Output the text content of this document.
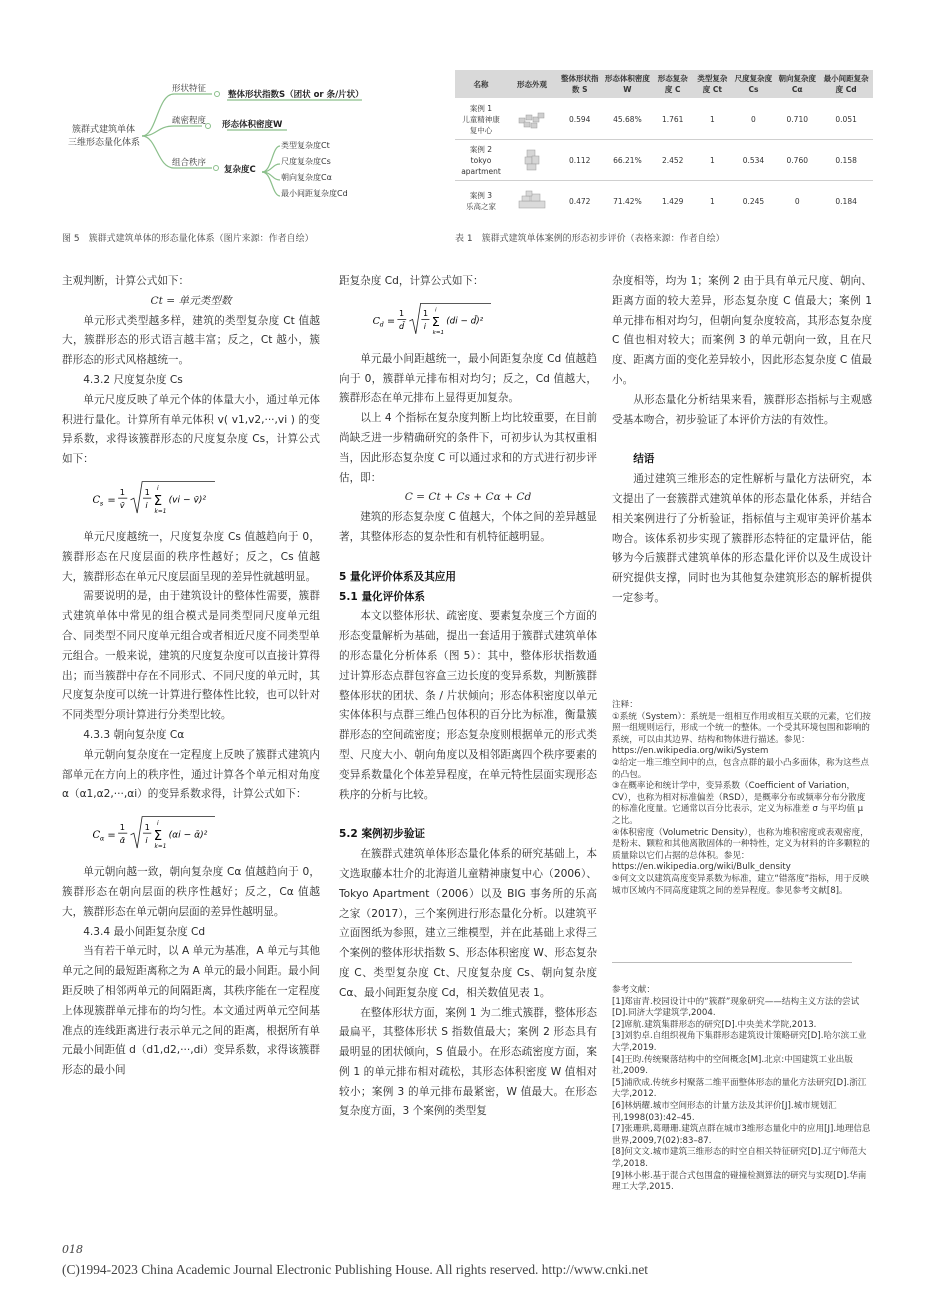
簇群式建筑单体
三维形态量化体系
形状特征
疏密程度
组合秩序
整体形状指数S（团状 or 条/片状）
形态体积密度W
复杂度C
类型复杂度Ct
尺度复杂度Cs
朝向复杂度Cα
最小间距复杂度Cd
图 5　簇群式建筑单体的形态量化体系（图片来源：作者自绘）
名称	形态外观	整体形状指数 S	形态体积密度 W	形态复杂度 C	类型复杂度 Ct	尺度复杂度 Cs	朝向复杂度 Cα	最小间距复杂度 Cd
案例 1
儿童精神康
复中心		0.594	45.68%	1.761	1	0	0.710	0.051
案例 2
tokyo
apartment		0.112	66.21%	2.452	1	0.534	0.760	0.158
案例 3
乐高之家		0.472	71.42%	1.429	1	0.245	0	0.184
表 1　簇群式建筑单体案例的形态初步评价（表格来源：作者自绘）

主观判断，计算公式如下：

Ct = 单元类型数

单元形式类型越多样，建筑的类型复杂度 Ct 值越大，簇群形态的形式语言越丰富；反之，Ct 越小，簇群形态的形式风格越统一。

4.3.2 尺度复杂度 Cs

单元尺度反映了单元个体的体量大小，通过单元体积进行量化。计算所有单元体积 v( v1,v2,···,vi ) 的变异系数，求得该簇群形态的尺度复杂度 Cs，计算公式如下：

C s =
1
v̄
1
i Σ
i
k=1
(vi − v̄)²

单元尺度越统一，尺度复杂度 Cs 值越趋向于 0，簇群形态在尺度层面的秩序性越好；反之，Cs 值越大，簇群形态在单元尺度层面呈现的差异性就越明显。

需要说明的是，由于建筑设计的整体性需要，簇群式建筑单体中常见的组合模式是同类型同尺度单元组合、同类型不同尺度单元组合或者相近尺度不同类型单元组合。一般来说，建筑的尺度复杂度可以直接计算得出；而当簇群中存在不同形式、不同尺度的单元时，其尺度复杂度可以统一计算进行整体性比较，也可以针对不同类型分项计算进行分类型比较。

4.3.3 朝向复杂度 Cα

单元朝向复杂度在一定程度上反映了簇群式建筑内部单元在方向上的秩序性，通过计算各个单元相对角度 α（α1,α2,···,αi）的变异系数求得，计算公式如下：

C α =
1
ᾱ
1
i Σ
i
k=1
(αi − ᾱ)²

单元朝向越一致，朝向复杂度 Cα 值越趋向于 0，簇群形态在朝向层面的秩序性越好；反之，Cα 值越大，簇群形态在单元朝向层面的差异性越明显。

4.3.4 最小间距复杂度 Cd

当有若干单元时，以 A 单元为基准，A 单元与其他单元之间的最短距离称之为 A 单元的最小间距。最小间距反映了相邻两单元的间隔距离，其秩序能在一定程度上体现簇群单元排布的均匀性。本文通过两单元空间基准点的连线距离进行表示单元之间的距离，根据所有单元最小间距值 d（d1,d2,···,di）变异系数，求得该簇群形态的最小间

距复杂度 Cd，计算公式如下：

C d =
1
d̄
1
i Σ
i
k=1
(di − d̄)²

单元最小间距越统一，最小间距复杂度 Cd 值越趋向于 0，簇群单元排布相对均匀；反之，Cd 值越大，簇群形态在单元排布上显得更加复杂。

以上 4 个指标在复杂度判断上均比较重要，在目前尚缺乏进一步精确研究的条件下，可初步认为其权重相当，因此形态复杂度 C 可以通过求和的方式进行初步评估，即：

C = Ct + Cs + Cα + Cd

建筑的形态复杂度 C 值越大，个体之间的差异越显著，其整体形态的复杂性和有机特征越明显。

5 量化评价体系及其应用

5.1 量化评价体系

本文以整体形状、疏密度、要素复杂度三个方面的形态变量解析为基础，提出一套适用于簇群式建筑单体的形态量化分析体系（图 5）：其中，整体形状指数通过计算形态点群包容盒三边长度的变异系数，判断簇群整体形状的团状、条 / 片状倾向；形态体积密度以单元实体体积与点群三维凸包体积的百分比为标准，衡量簇群形态的空间疏密度；形态复杂度则根据单元的形式类型、尺度大小、朝向角度以及相邻距离四个秩序要素的变异系数量化个体差异程度，在单元特性层面实现形态秩序的分析与比较。

5.2 案例初步验证

在簇群式建筑单体形态量化体系的研究基础上，本文选取藤本壮介的北海道儿童精神康复中心（2006）、Tokyo Apartment（2006）以及 BIG 事务所的乐高之家（2017），三个案例进行形态量化分析。以建筑平立面图纸为参照，建立三维模型，并在此基础上求得三个案例的整体形状指数 S、形态体积密度 W、形态复杂度 C、类型复杂度 Ct、尺度复杂度 Cs、朝向复杂度 Cα、最小间距复杂度 Cd，相关数值见表 1。

在整体形状方面，案例 1 为二维式簇群，整体形态最扁平，其整体形状 S 指数值最大；案例 2 形态具有最明显的团状倾向，S 值最小。在形态疏密度方面，案例 1 的单元排布相对疏松，其形态体积密度 W 值相对较小；案例 3 的单元排布最紧密，W 值最大。在形态复杂度方面，3 个案例的类型复

杂度相等，均为 1；案例 2 由于具有单元尺度、朝向、距离方面的较大差异，形态复杂度 C 值最大；案例 1 单元排布相对均匀，但朝向复杂度较高，其形态复杂度 C 值也相对较大；而案例 3 的单元朝向一致，且在尺度、距离方面的变化差异较小，因此形态复杂度 C 值最小。

从形态量化分析结果来看，簇群形态指标与主观感受基本吻合，初步验证了本评价方法的有效性。

结语

通过建筑三维形态的定性解析与量化方法研究，本文提出了一套簇群式建筑单体的形态量化体系，并结合相关案例进行了分析验证，指标值与主观审美评价基本吻合。该体系初步实现了簇群形态特征的定量评估，能够为今后簇群式建筑单体的形态量化评价以及生成设计研究提供支撑，同时也为其他复杂建筑形态的解析提供一定参考。

注释：
①系统（System）：系统是一组相互作用或相互关联的元素，它们按照一组规则运行，形成一个统一的整体。一个受其环境包围和影响的系统，可以由其边界、结构和物体进行描述。参见：https://en.wikipedia.org/wiki/System
②给定一堆三维空间中的点，包含点群的最小凸多面体，称为这些点的凸包。
③在概率论和统计学中，变异系数（Coefficient of Variation，CV），也称为相对标准偏差（RSD），是概率分布或频率分布分散度的标准化度量。它通常以百分比表示，定义为标准差 σ 与平均值 μ 之比。
④体积密度（Volumetric Density），也称为堆积密度或表观密度，是粉末、颗粒和其他离散固体的一种特性，定义为材料的许多颗粒的质量除以它们占据的总体积。参见：https://en.wikipedia.org/wiki/Bulk_density
⑤何文文以建筑高度变异系数为标准，建立“错落度”指标，用于反映城市区域内不同高度建筑之间的差异程度。参见参考文献[8]。
参考文献：
[1]郑宙青.校园设计中的“簇群”现象研究——结构主义方法的尝试[D].同济大学建筑学,2004.
[2]席航.建筑集群形态的研究[D].中央美术学院,2013.
[3]刘豹卓.自组织视角下集群形态建筑设计策略研究[D].哈尔滨工业大学,2019.
[4]王昀.传统聚落结构中的空间概念[M].北京:中国建筑工业出版社,2009.
[5]浦欣成.传统乡村聚落二维平面整体形态的量化方法研究[D].浙江大学,2012.
[6]林炳耀.城市空间形态的计量方法及其评价[J].城市规划汇刊,1998(03):42–45.
[7]张珊珙,葛珊珊.建筑点群在城市3维形态量化中的应用[J].地理信息世界,2009,7(02):83–87.
[8]何文文.城市建筑三维形态的时空自相关特征研究[D].辽宁师范大学,2018.
[9]林小彬.基于混合式包围盒的碰撞检测算法的研究与实现[D].华南理工大学,2015.
018
(C)1994-2023 China Academic Journal Electronic Publishing House. All rights reserved. http://www.cnki.net
